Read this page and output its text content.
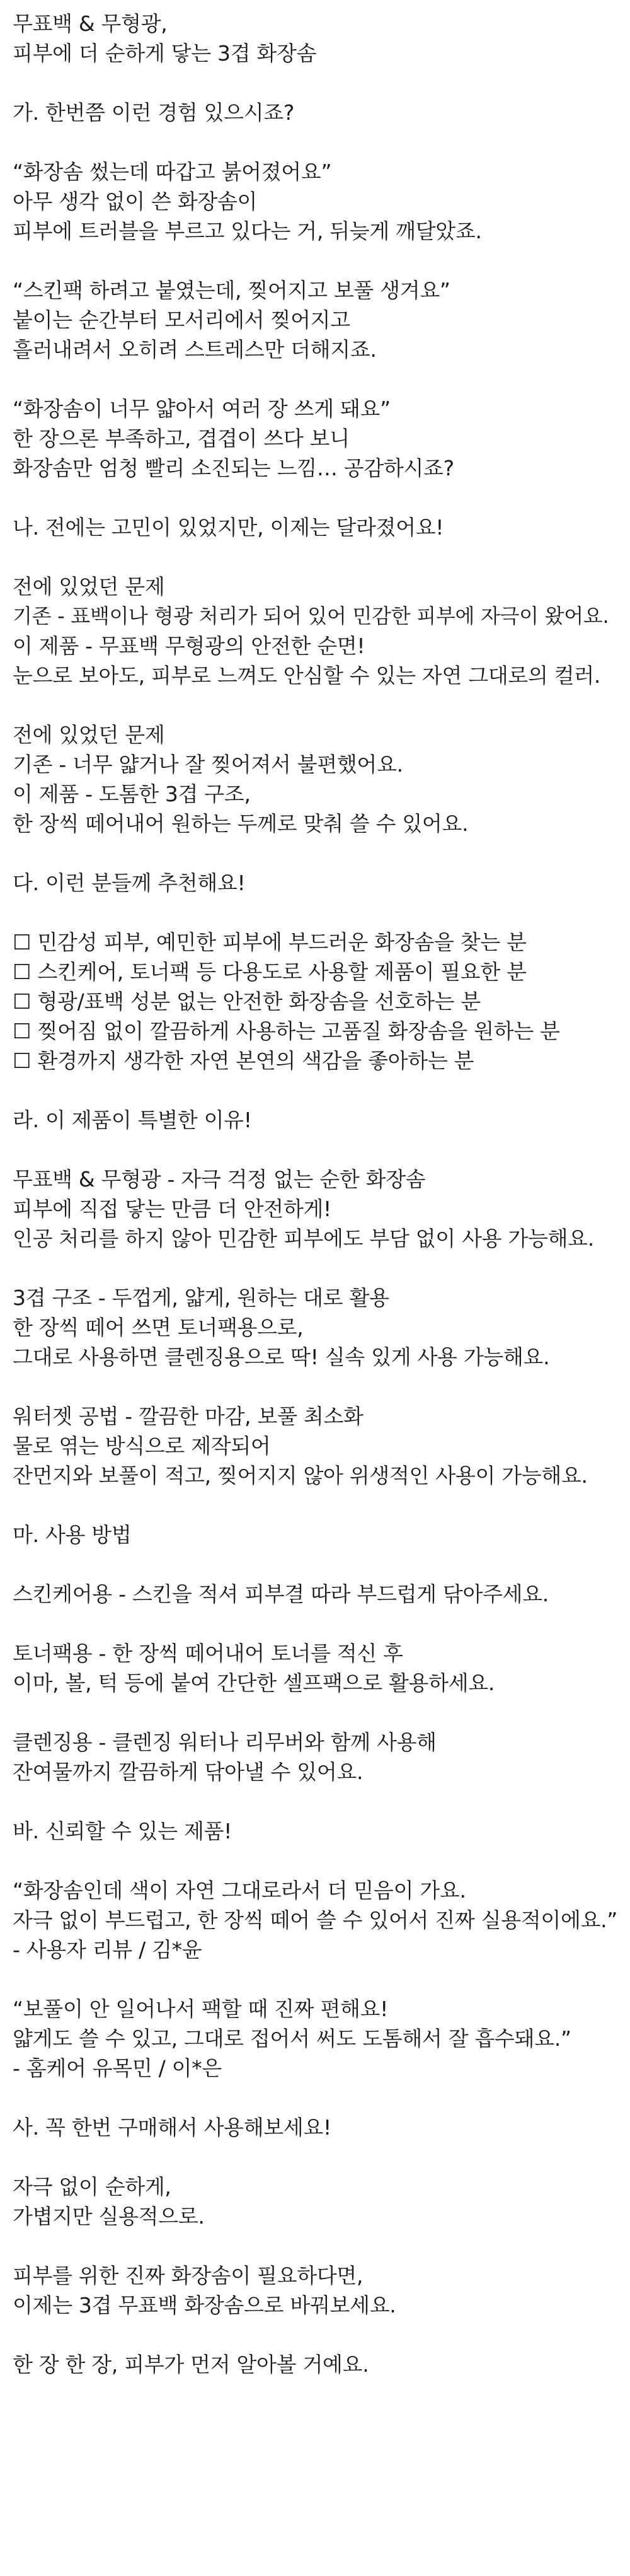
무표백 & 무형광,
피부에 더 순하게 닿는 3겹 화장솜
가. 한번쯤 이런 경험 있으시죠?
“화장솜 썼는데 따갑고 붉어졌어요”
아무 생각 없이 쓴 화장솜이
피부에 트러블을 부르고 있다는 거, 뒤늦게 깨달았죠.
“스킨팩 하려고 붙였는데, 찢어지고 보풀 생겨요”
붙이는 순간부터 모서리에서 찢어지고
흘러내려서 오히려 스트레스만 더해지죠.
“화장솜이 너무 얇아서 여러 장 쓰게 돼요”
한 장으론 부족하고, 겹겹이 쓰다 보니
화장솜만 엄청 빨리 소진되는 느낌… 공감하시죠?
나. 전에는 고민이 있었지만, 이제는 달라졌어요!
전에 있었던 문제
기존 - 표백이나 형광 처리가 되어 있어 민감한 피부에 자극이 왔어요.
이 제품 - 무표백 무형광의 안전한 순면!
눈으로 보아도, 피부로 느껴도 안심할 수 있는 자연 그대로의 컬러.
전에 있었던 문제
기존 - 너무 얇거나 잘 찢어져서 불편했어요.
이 제품 - 도톰한 3겹 구조,
한 장씩 떼어내어 원하는 두께로 맞춰 쓸 수 있어요.
다. 이런 분들께 추천해요!
☐ 민감성 피부, 예민한 피부에 부드러운 화장솜을 찾는 분
☐ 스킨케어, 토너팩 등 다용도로 사용할 제품이 필요한 분
☐ 형광/표백 성분 없는 안전한 화장솜을 선호하는 분
☐ 찢어짐 없이 깔끔하게 사용하는 고품질 화장솜을 원하는 분
☐ 환경까지 생각한 자연 본연의 색감을 좋아하는 분
라. 이 제품이 특별한 이유!
무표백 & 무형광 - 자극 걱정 없는 순한 화장솜
피부에 직접 닿는 만큼 더 안전하게!
인공 처리를 하지 않아 민감한 피부에도 부담 없이 사용 가능해요.
3겹 구조 - 두껍게, 얇게, 원하는 대로 활용
한 장씩 떼어 쓰면 토너팩용으로,
그대로 사용하면 클렌징용으로 딱! 실속 있게 사용 가능해요.
워터젯 공법 - 깔끔한 마감, 보풀 최소화
물로 엮는 방식으로 제작되어
잔먼지와 보풀이 적고, 찢어지지 않아 위생적인 사용이 가능해요.
마. 사용 방법
스킨케어용 - 스킨을 적셔 피부결 따라 부드럽게 닦아주세요.
토너팩용 - 한 장씩 떼어내어 토너를 적신 후
이마, 볼, 턱 등에 붙여 간단한 셀프팩으로 활용하세요.
클렌징용 - 클렌징 워터나 리무버와 함께 사용해
잔여물까지 깔끔하게 닦아낼 수 있어요.
바. 신뢰할 수 있는 제품!
“화장솜인데 색이 자연 그대로라서 더 믿음이 가요.
자극 없이 부드럽고, 한 장씩 떼어 쓸 수 있어서 진짜 실용적이에요.”
- 사용자 리뷰 / 김*윤
“보풀이 안 일어나서 팩할 때 진짜 편해요!
얇게도 쓸 수 있고, 그대로 접어서 써도 도톰해서 잘 흡수돼요.”
- 홈케어 유목민 / 이*은
사. 꼭 한번 구매해서 사용해보세요!
자극 없이 순하게,
가볍지만 실용적으로.
피부를 위한 진짜 화장솜이 필요하다면,
이제는 3겹 무표백 화장솜으로 바꿔보세요.
한 장 한 장, 피부가 먼저 알아볼 거예요.
